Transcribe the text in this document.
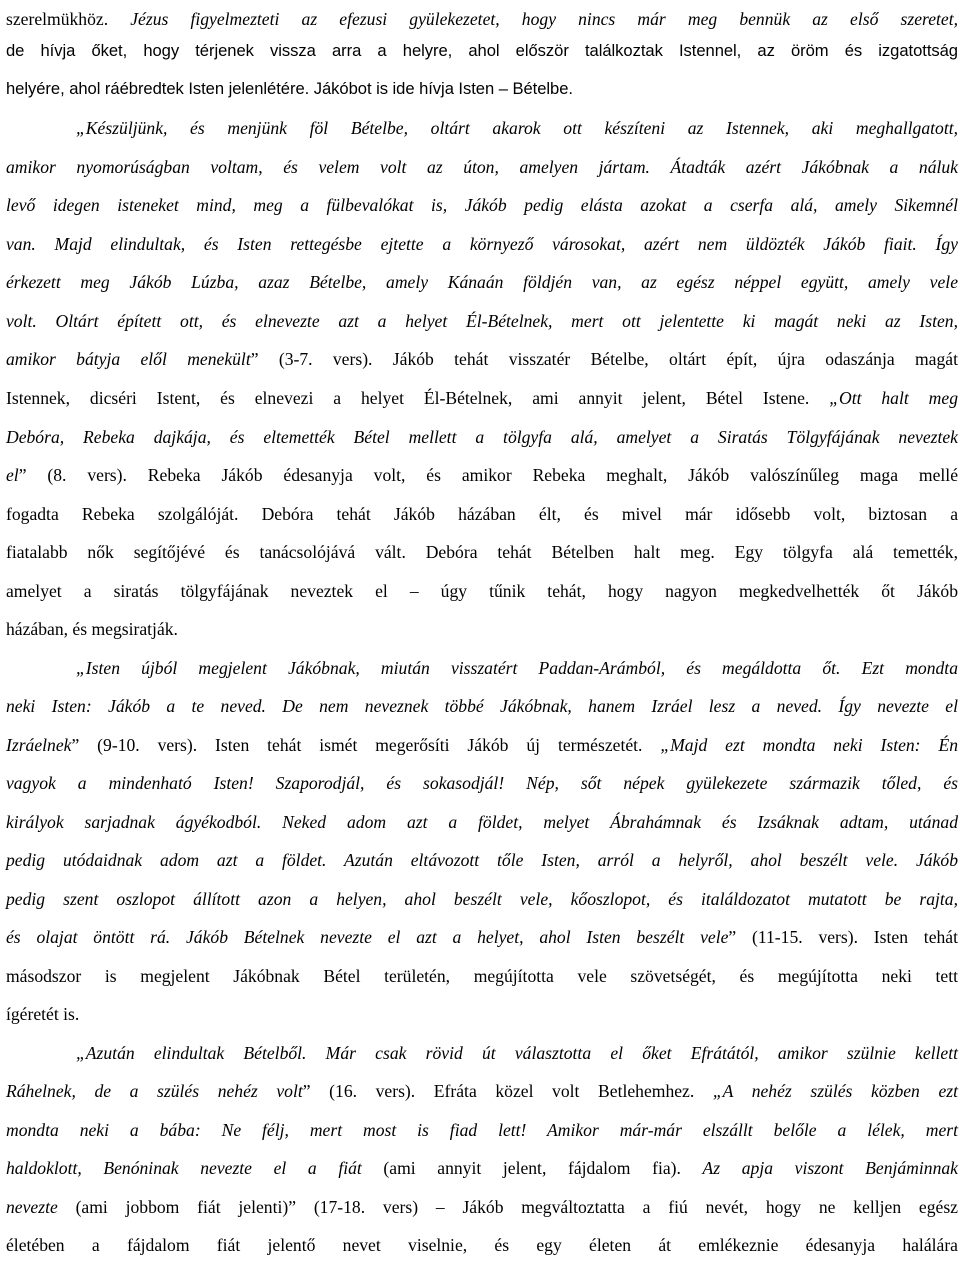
szerelmükhöz. Jézus figyelmezteti az efezusi gyülekezetet, hogy nincs már meg bennük az első szeretet,

de hívja őket, hogy térjenek vissza arra a helyre, ahol először találkoztak Istennel, az öröm és izgatottság

helyére, ahol ráébredtek Isten jelenlétére. Jákóbot is ide hívja Isten – Bételbe.

„Készüljünk, és menjünk föl Bételbe, oltárt akarok ott készíteni az Istennek, aki meghallgatott,

amikor nyomorúságban voltam, és velem volt az úton, amelyen jártam. Átadták azért Jákóbnak a náluk

levő idegen isteneket mind, meg a fülbevalókat is, Jákób pedig elásta azokat a cserfa alá, amely Sikemnél

van. Majd elindultak, és Isten rettegésbe ejtette a környező városokat, azért nem üldözték Jákób fiait. Így

érkezett meg Jákób Lúzba, azaz Bételbe, amely Kánaán földjén van, az egész néppel együtt, amely vele

volt. Oltárt épített ott, és elnevezte azt a helyet Él-Bételnek, mert ott jelentette ki magát neki az Isten,

amikor bátyja elől menekült” (3-7. vers). Jákób tehát visszatér Bételbe, oltárt épít, újra odaszánja magát

Istennek, dicséri Istent, és elnevezi a helyet Él-Bételnek, ami annyit jelent, Bétel Istene. „Ott halt meg

Debóra, Rebeka dajkája, és eltemették Bétel mellett a tölgyfa alá, amelyet a Siratás Tölgyfájának neveztek

el” (8. vers). Rebeka Jákób édesanyja volt, és amikor Rebeka meghalt, Jákób valószínűleg maga mellé

fogadta Rebeka szolgálóját. Debóra tehát Jákób házában élt, és mivel már idősebb volt, biztosan a

fiatalabb nők segítőjévé és tanácsolójává vált. Debóra tehát Bételben halt meg. Egy tölgyfa alá temették,

amelyet a siratás tölgyfájának neveztek el – úgy tűnik tehát, hogy nagyon megkedvelhették őt Jákób

házában, és megsiratják.

„Isten újból megjelent Jákóbnak, miután visszatért Paddan-Arámból, és megáldotta őt. Ezt mondta

neki Isten: Jákób a te neved. De nem neveznek többé Jákóbnak, hanem Izráel lesz a neved. Így nevezte el

Izráelnek” (9-10. vers). Isten tehát ismét megerősíti Jákób új természetét. „Majd ezt mondta neki Isten: Én

vagyok a mindenható Isten! Szaporodjál, és sokasodjál! Nép, sőt népek gyülekezete származik tőled, és

királyok sarjadnak ágyékodból. Neked adom azt a földet, melyet Ábrahámnak és Izsáknak adtam, utánad

pedig utódaidnak adom azt a földet. Azután eltávozott tőle Isten, arról a helyről, ahol beszélt vele. Jákób

pedig szent oszlopot állított azon a helyen, ahol beszélt vele, kőoszlopot, és italáldozatot mutatott be rajta,

és olajat öntött rá. Jákób Bételnek nevezte el azt a helyet, ahol Isten beszélt vele” (11-15. vers). Isten tehát

másodszor is megjelent Jákóbnak Bétel területén, megújította vele szövetségét, és megújította neki tett

ígéretét is.

„Azután elindultak Bételből. Már csak rövid út választotta el őket Efrátától, amikor szülnie kellett

Ráhelnek, de a szülés nehéz volt” (16. vers). Efráta közel volt Betlehemhez. „A nehéz szülés közben ezt

mondta neki a bába: Ne félj, mert most is fiad lett! Amikor már-már elszállt belőle a lélek, mert

haldoklott, Benóninak nevezte el a fiát (ami annyit jelent, fájdalom fia). Az apja viszont Benjáminnak

nevezte (ami jobbom fiát jelenti)” (17-18. vers) – Jákób megváltoztatta a fiú nevét, hogy ne kelljen egész

életében a fájdalom fiát jelentő nevet viselnie, és egy életen át emlékeznie édesanyja halálára
